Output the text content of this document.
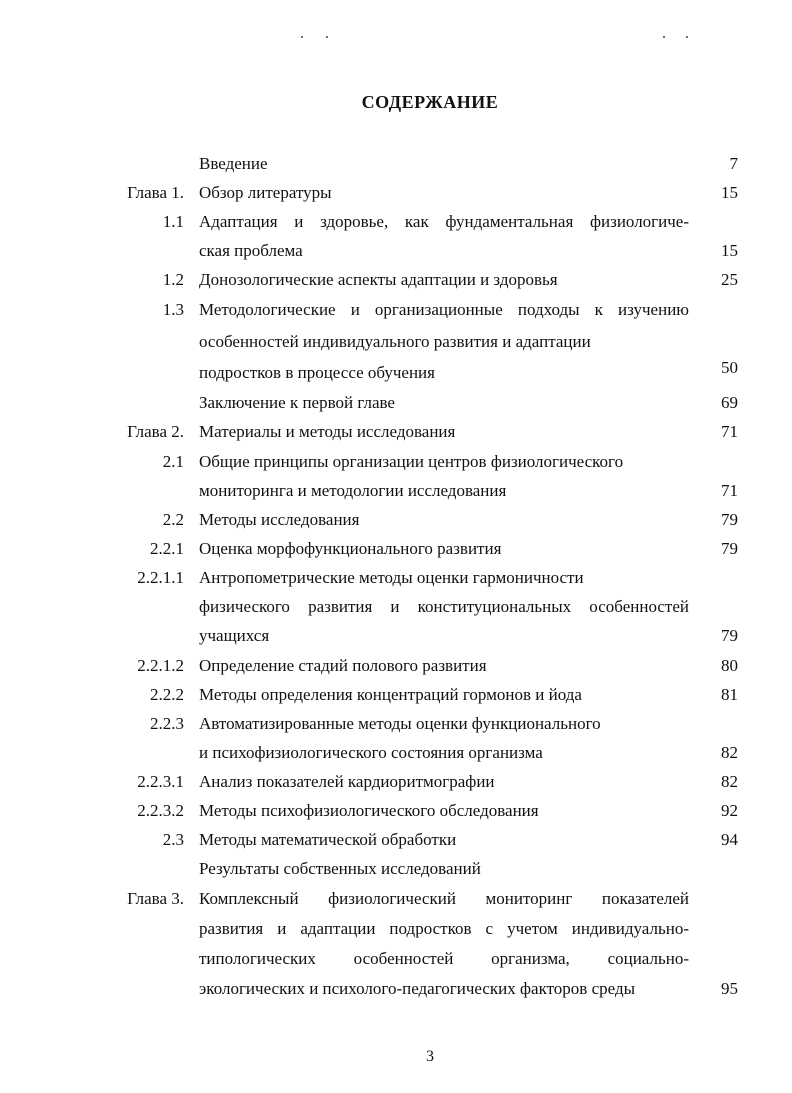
СОДЕРЖАНИЕ
Введение	7
Глава 1. Обзор литературы	15
1.1 Адаптация и здоровье, как фундаментальная физиологиче-
ская проблема	15
1.2 Донозологические аспекты адаптации и здоровья	25
1.3 Методологические и организационные подходы к изучению
особенностей индивидуального развития и адаптации
подростков в процессе обучения	50
Заключение к первой главе	69
Глава 2. Материалы и методы исследования	71
2.1 Общие принципы организации центров физиологического
мониторинга и методологии исследования	71
2.2 Методы исследования	79
2.2.1 Оценка морфофункционального развития	79
2.2.1.1 Антропометрические методы оценки гармоничности
физического развития и конституциональных особенностей
учащихся	79
2.2.1.2 Определение стадий полового развития	80
2.2.2 Методы определения концентраций гормонов и йода	81
2.2.3 Автоматизированные методы оценки функционального
и психофизиологического состояния организма	82
2.2.3.1 Анализ показателей кардиоритмографии	82
2.2.3.2 Методы психофизиологического обследования	92
2.3 Методы математической обработки	94
Результаты собственных исследований
Глава 3. Комплексный физиологический мониторинг показателей
развития и адаптации подростков с учетом индивидуально-
типологических особенностей организма, социально-
экологических и психолого-педагогических факторов среды	95
3
